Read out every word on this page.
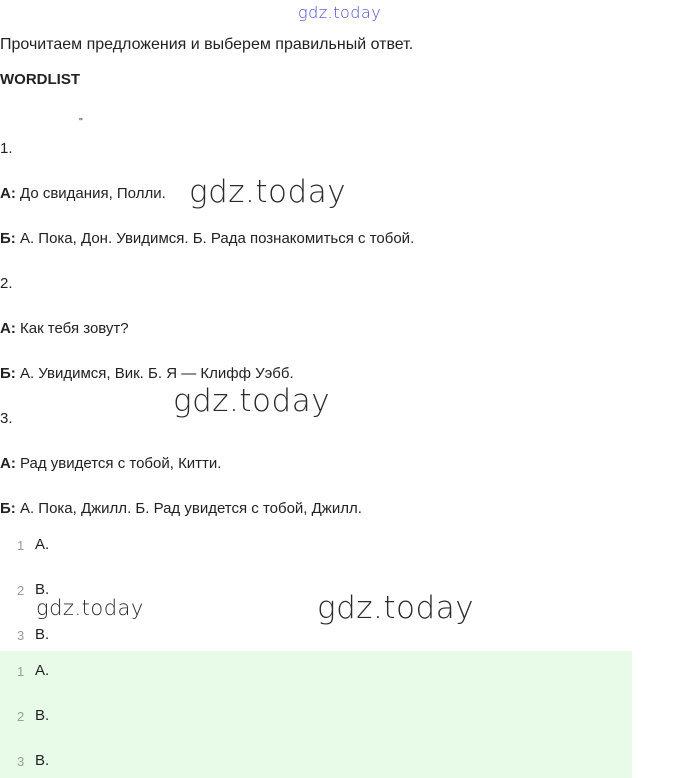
gdz.today
Прочитаем предложения и выберем правильный ответ.
WORDLIST
''
1.
А: До свидания, Полли. gdz.today
Б: А. Пока, Дон. Увидимся. Б. Рада познакомиться с тобой.
2.
А: Как тебя зовут?
Б: А. Увидимся, Вик. Б. Я — Клифф Уэбб.
3.	gdz.today
А: Рад увидется с тобой, Китти.
Б: А. Пока, Джилл. Б. Рад увидется с тобой, Джилл.
1 A.
2 B.
gdz.today	gdz.today
3 B.
1 A.
2 B.
3 B.
